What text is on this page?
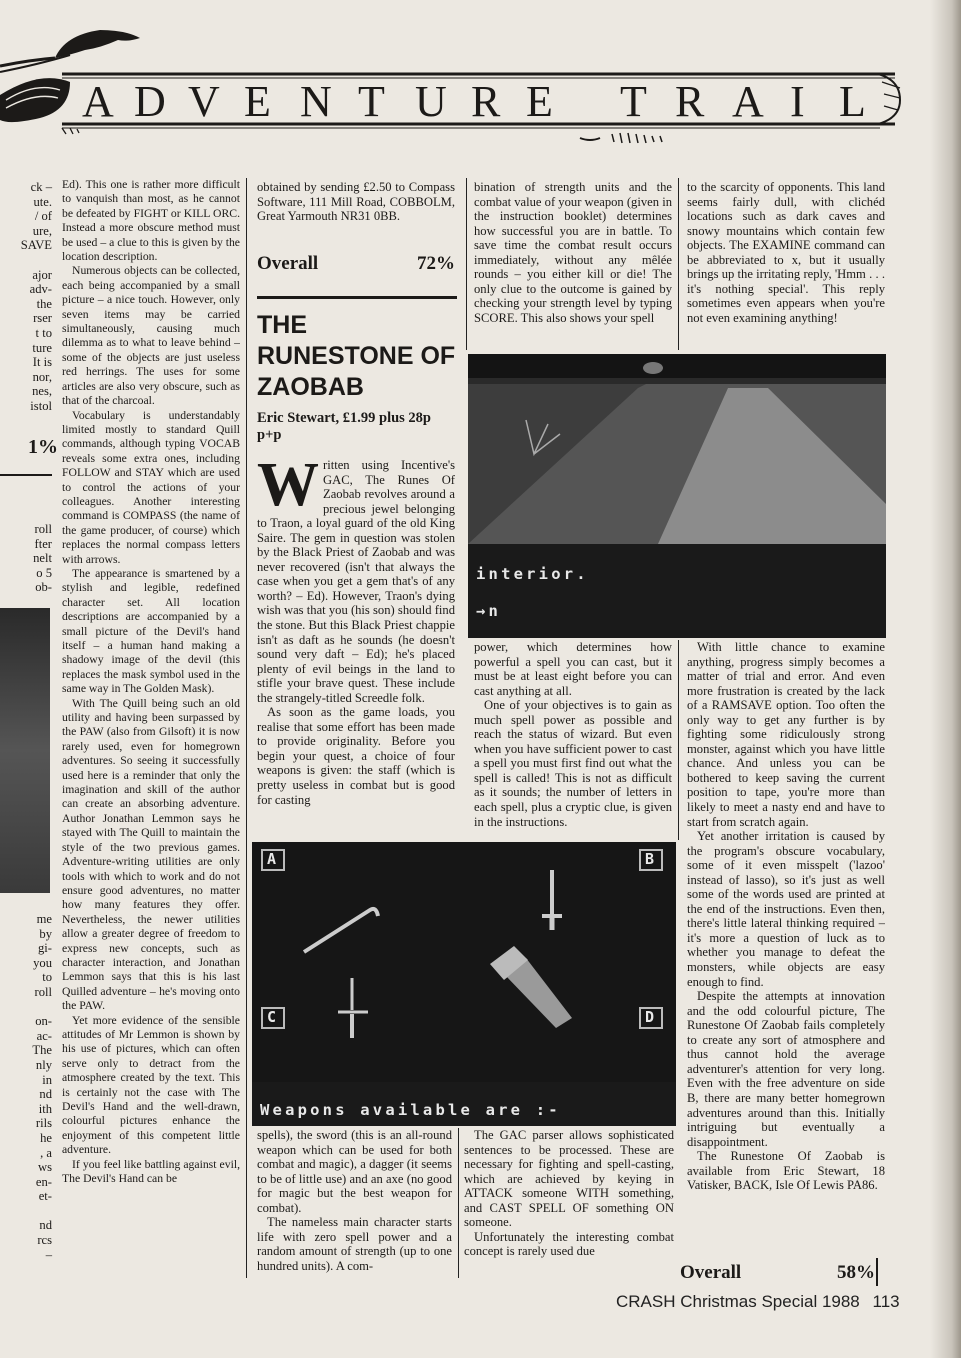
A D V E N T U R E T R A I L
ck –
ute.
/ of
ure,
SAVE

ajor
adv-
the
rser
t to
ture
It is
nor,
nes,
istol
1%
roll
fter
nelt
o 5
ob-
me
by
gi-
you
to
roll

on-
ac-
The
nly
in
nd
ith
rils
he
, a
ws
en-
et-

nd
rcs
–

Ed). This one is rather more difficult to vanquish than most, as he cannot be defeated by FIGHT or KILL ORC. Instead a more obscure method must be used – a clue to this is given by the location description.

Numerous objects can be collected, each being accompanied by a small picture – a nice touch. However, only seven items may be carried simultaneously, causing much dilemma as to what to leave behind – some of the objects are just useless red herrings. The uses for some articles are also very obscure, such as that of the charcoal.

Vocabulary is understandably limited mostly to standard Quill commands, although typing VOCAB reveals some extra ones, including FOLLOW and STAY which are used to control the actions of your colleagues. Another interesting command is COMPASS (the name of the game producer, of course) which replaces the normal compass letters with arrows.

The appearance is smartened by a stylish and legible, redefined character set. All location descriptions are accompanied by a small picture of the Devil's hand itself – a human hand making a shadowy image of the devil (this replaces the mask symbol used in the same way in The Golden Mask).

With The Quill being such an old utility and having been surpassed by the PAW (also from Gilsoft) it is now rarely used, even for homegrown adventures. So seeing it successfully used here is a reminder that only the imagination and skill of the author can create an absorbing adventure. Author Jonathan Lemmon says he stayed with The Quill to maintain the style of the two previous games. Adventure-writing utilities are only tools with which to work and do not ensure good adventures, no matter how many features they offer. Nevertheless, the newer utilities allow a greater degree of freedom to express new concepts, such as character interaction, and Jonathan Lemmon says that this is his last Quilled adventure – he's moving onto the PAW.

Yet more evidence of the sensible attitudes of Mr Lemmon is shown by his use of pictures, which can often serve only to detract from the atmosphere created by the text. This is certainly not the case with The Devil's Hand and the well-drawn, colourful pictures enhance the enjoyment of this competent little adventure.

If you feel like battling against evil, The Devil's Hand can be

obtained by sending £2.50 to Compass Software, 111 Mill Road, COBBOLM, Great Yarmouth NR31 0BB.

Overall	72%
THE RUNESTONE OF ZAOBAB
Eric Stewart, £1.99 plus 28p p+p
W ritten using Incentive's GAC, The Runes Of Zaobab revolves around a precious jewel belonging to Traon, a loyal guard of the old King Saire. The gem in question was stolen by the Black Priest of Zaobab and was never recovered (isn't that always the case when you get a gem that's of any worth? – Ed). However, Traon's dying wish was that you (his son) should find the stone. But this Black Priest chappie isn't as daft as he sounds (he doesn't sound very daft – Ed); he's placed plenty of evil beings in the land to stifle your brave quest. These include the strangely-titled Screedle folk.

As soon as the game loads, you realise that some effort has been made to provide originality. Before you begin your quest, a choice of four weapons is given: the staff (which is pretty useless in combat but is good for casting

bination of strength units and the combat value of your weapon (given in the instruction booklet) determines how successful you are in battle. To save time the combat result occurs immediately, without any mêlée rounds – you either kill or die! The only clue to the outcome is gained by checking your strength level by typing SCORE. This also shows your spell

to the scarcity of opponents. This land seems fairly dull, with clichéd locations such as dark caves and snowy mountains which contain few objects. The EXAMINE command can be abbreviated to x, but it usually brings up the irritating reply, 'Hmm . . . it's nothing special'. This reply sometimes even appears when you're not even examining anything!

interior.

→n

power, which determines how powerful a spell you can cast, but it must be at least eight before you can cast anything at all.

One of your objectives is to gain as much spell power as possible and reach the status of wizard. But even when you have sufficient power to cast a spell you must first find out what the spell is called! This is not as difficult as it sounds; the number of letters in each spell, plus a cryptic clue, is given in the instructions.

With little chance to examine anything, progress simply becomes a matter of trial and error. And even more frustration is created by the lack of a RAMSAVE option. Too often the only way to get any further is by fighting some ridiculously strong monster, against which you have little chance. And unless you can be bothered to keep saving the current position to tape, you're more than likely to meet a nasty end and have to start from scratch again.

Yet another irritation is caused by the program's obscure vocabulary, some of it even misspelt ('lazoo' instead of lasso), so it's just as well some of the words used are printed at the end of the instructions. Even then, there's little lateral thinking required – it's more a question of luck as to whether you manage to defeat the monsters, while objects are easy enough to find.

Despite the attempts at innovation and the odd colourful picture, The Runestone Of Zaobab fails completely to create any sort of atmosphere and thus cannot hold the average adventurer's attention for very long. Even with the free adventure on side B, there are many better homegrown adventures around than this. Initially intriguing but eventually a disappointment.

The Runestone Of Zaobab is available from Eric Stewart, 18 Vatisker, BACK, Isle Of Lewis PA86.

Overall	58%
A	B
C	D

Weapons available are :-

spells), the sword (this is an all-round weapon which can be used for both combat and magic), a dagger (it seems to be of little use) and an axe (no good for magic but the best weapon for combat).

The nameless main character starts life with zero spell power and a random amount of strength (up to one hundred units). A com-

The GAC parser allows sophisticated sentences to be processed. These are necessary for fighting and spell-casting, which are achieved by keying in ATTACK someone WITH something, and CAST SPELL OF something ON someone.

Unfortunately the interesting combat concept is rarely used due

CRASH Christmas Special 1988 113
